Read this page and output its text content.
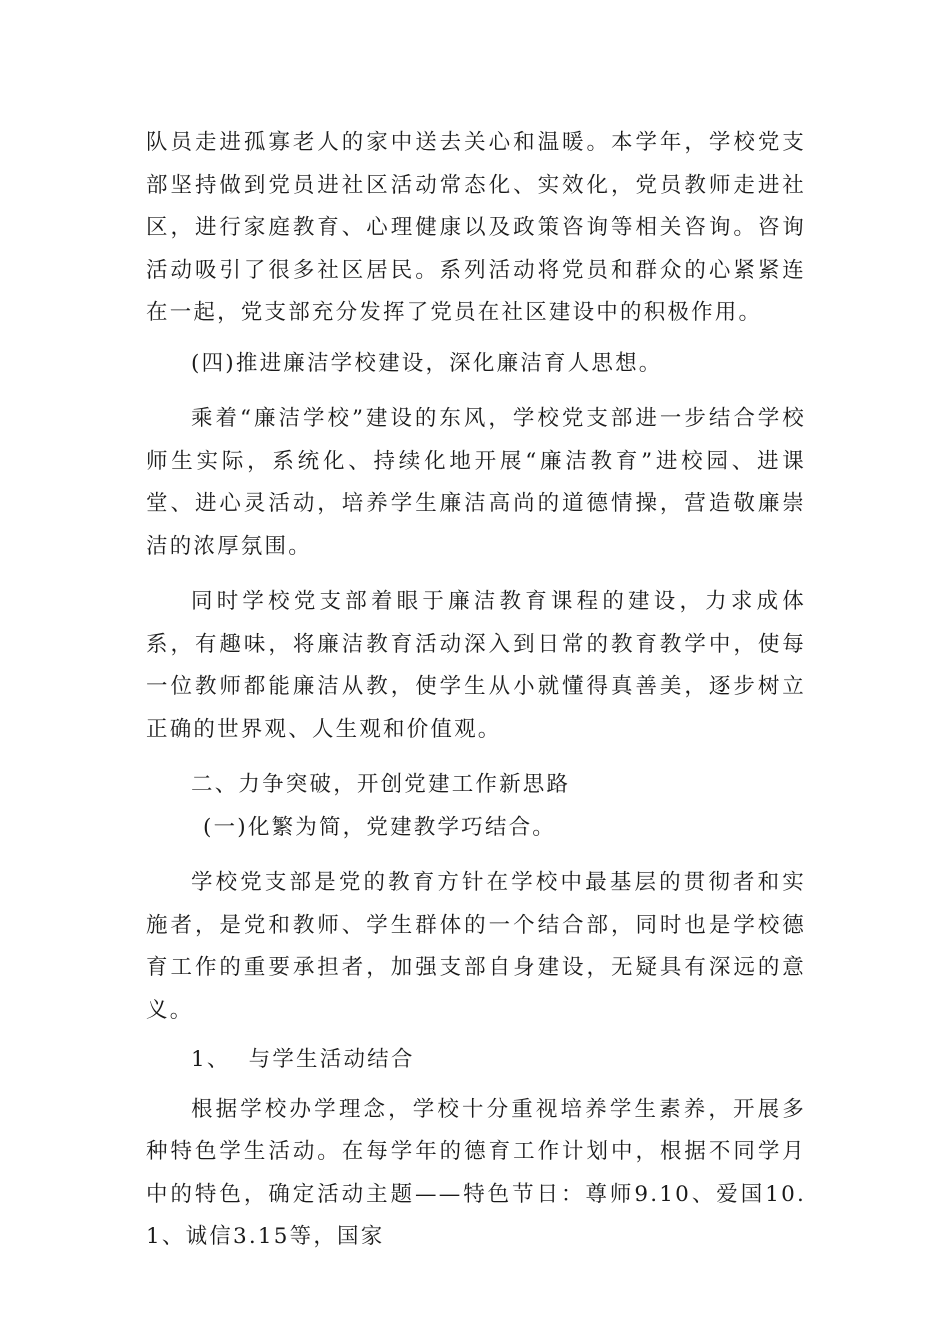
队员走进孤寡老人的家中送去关心和温暖。本学年，学校党支部坚持做到党员进社区活动常态化、实效化，党员教师走进社区，进行家庭教育、心理健康以及政策咨询等相关咨询。咨询活动吸引了很多社区居民。系列活动将党员和群众的心紧紧连在一起，党支部充分发挥了党员在社区建设中的积极作用。

(四)推进廉洁学校建设，深化廉洁育人思想。

乘着“廉洁学校”建设的东风，学校党支部进一步结合学校师生实际，系统化、持续化地开展“廉洁教育”进校园、进课堂、进心灵活动，培养学生廉洁高尚的道德情操，营造敬廉崇洁的浓厚氛围。

同时学校党支部着眼于廉洁教育课程的建设，力求成体系，有趣味，将廉洁教育活动深入到日常的教育教学中，使每一位教师都能廉洁从教，使学生从小就懂得真善美，逐步树立正确的世界观、人生观和价值观。

二、力争突破，开创党建工作新思路

(一)化繁为简，党建教学巧结合。

学校党支部是党的教育方针在学校中最基层的贯彻者和实施者，是党和教师、学生群体的一个结合部，同时也是学校德育工作的重要承担者，加强支部自身建设，无疑具有深远的意义。

1、  与学生活动结合

根据学校办学理念，学校十分重视培养学生素养，开展多种特色学生活动。在每学年的德育工作计划中，根据不同学月中的特色，确定活动主题——特色节日：尊师9.10、爱国10.1、诚信3.15等，国家
